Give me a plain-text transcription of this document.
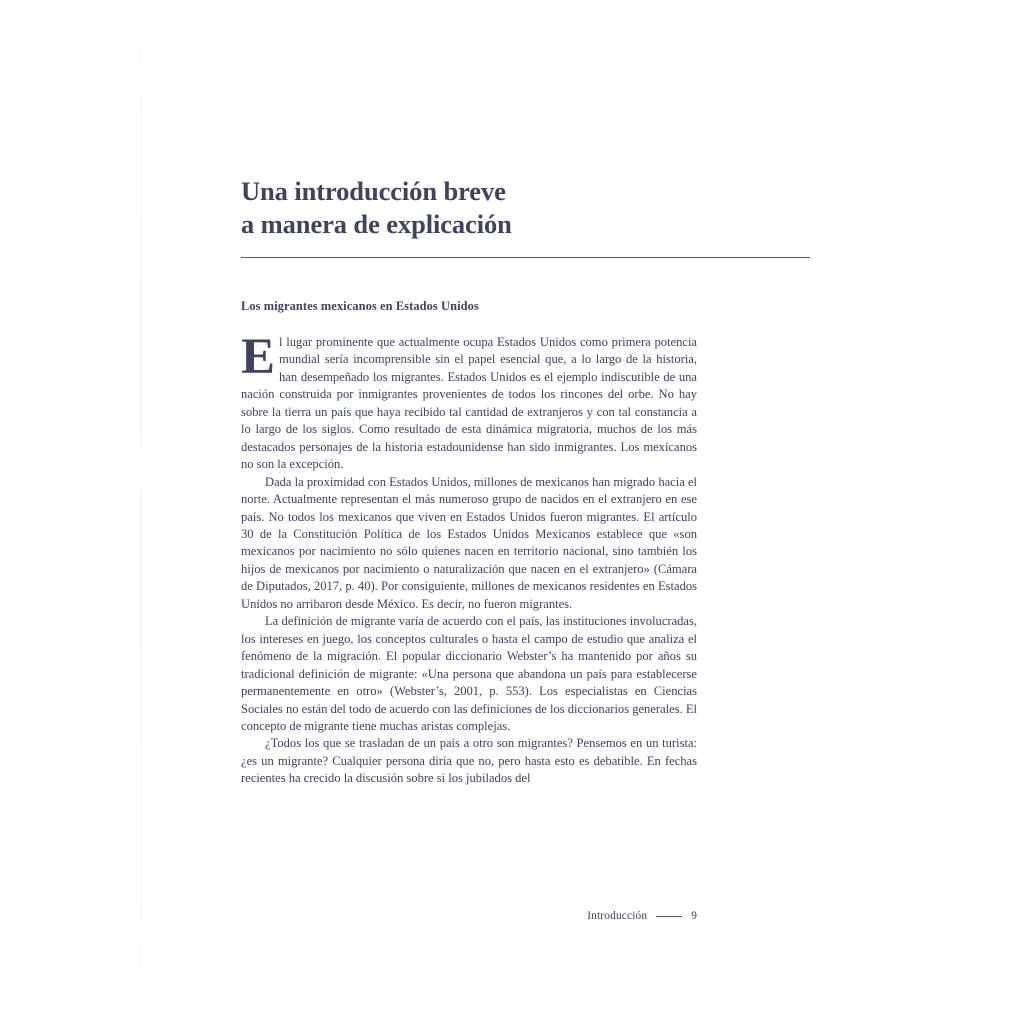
Una introducción breve
a manera de explicación
Los migrantes mexicanos en Estados Unidos

El lugar prominente que actualmente ocupa Estados Unidos como primera potencia mundial sería incomprensible sin el papel esencial que, a lo largo de la historia, han desempeñado los migrantes. Estados Unidos es el ejemplo indiscutible de una nación construida por inmigrantes provenientes de todos los rincones del orbe. No hay sobre la tierra un país que haya recibido tal cantidad de extranjeros y con tal constancia a lo largo de los siglos. Como resultado de esta dinámica migratoria, muchos de los más destacados personajes de la historia estadounidense han sido inmigrantes. Los mexicanos no son la excepción.

Dada la proximidad con Estados Unidos, millones de mexicanos han migrado hacia el norte. Actualmente representan el más numeroso grupo de nacidos en el extranjero en ese país. No todos los mexicanos que viven en Estados Unidos fueron migrantes. El artículo 30 de la Constitución Política de los Estados Unidos Mexicanos establece que «son mexicanos por nacimiento no sólo quienes nacen en territorio nacional, sino también los hijos de mexicanos por nacimiento o naturalización que nacen en el extranjero» (Cámara de Diputados, 2017, p. 40). Por consiguiente, millones de mexicanos residentes en Estados Unidos no arribaron desde México. Es decir, no fueron migrantes.

La definición de migrante varía de acuerdo con el país, las instituciones involucradas, los intereses en juego, los conceptos culturales o hasta el campo de estudio que analiza el fenómeno de la migración. El popular diccionario Webster’s ha mantenido por años su tradicional definición de migrante: «Una persona que abandona un país para establecerse permanentemente en otro» (Webster’s, 2001, p. 553). Los especialistas en Ciencias Sociales no están del todo de acuerdo con las definiciones de los diccionarios generales. El concepto de migrante tiene muchas aristas complejas.

¿Todos los que se trasladan de un país a otro son migrantes? Pensemos en un turista: ¿es un migrante? Cualquier persona diría que no, pero hasta esto es debatible. En fechas recientes ha crecido la discusión sobre si los jubilados del

Introducción	9
